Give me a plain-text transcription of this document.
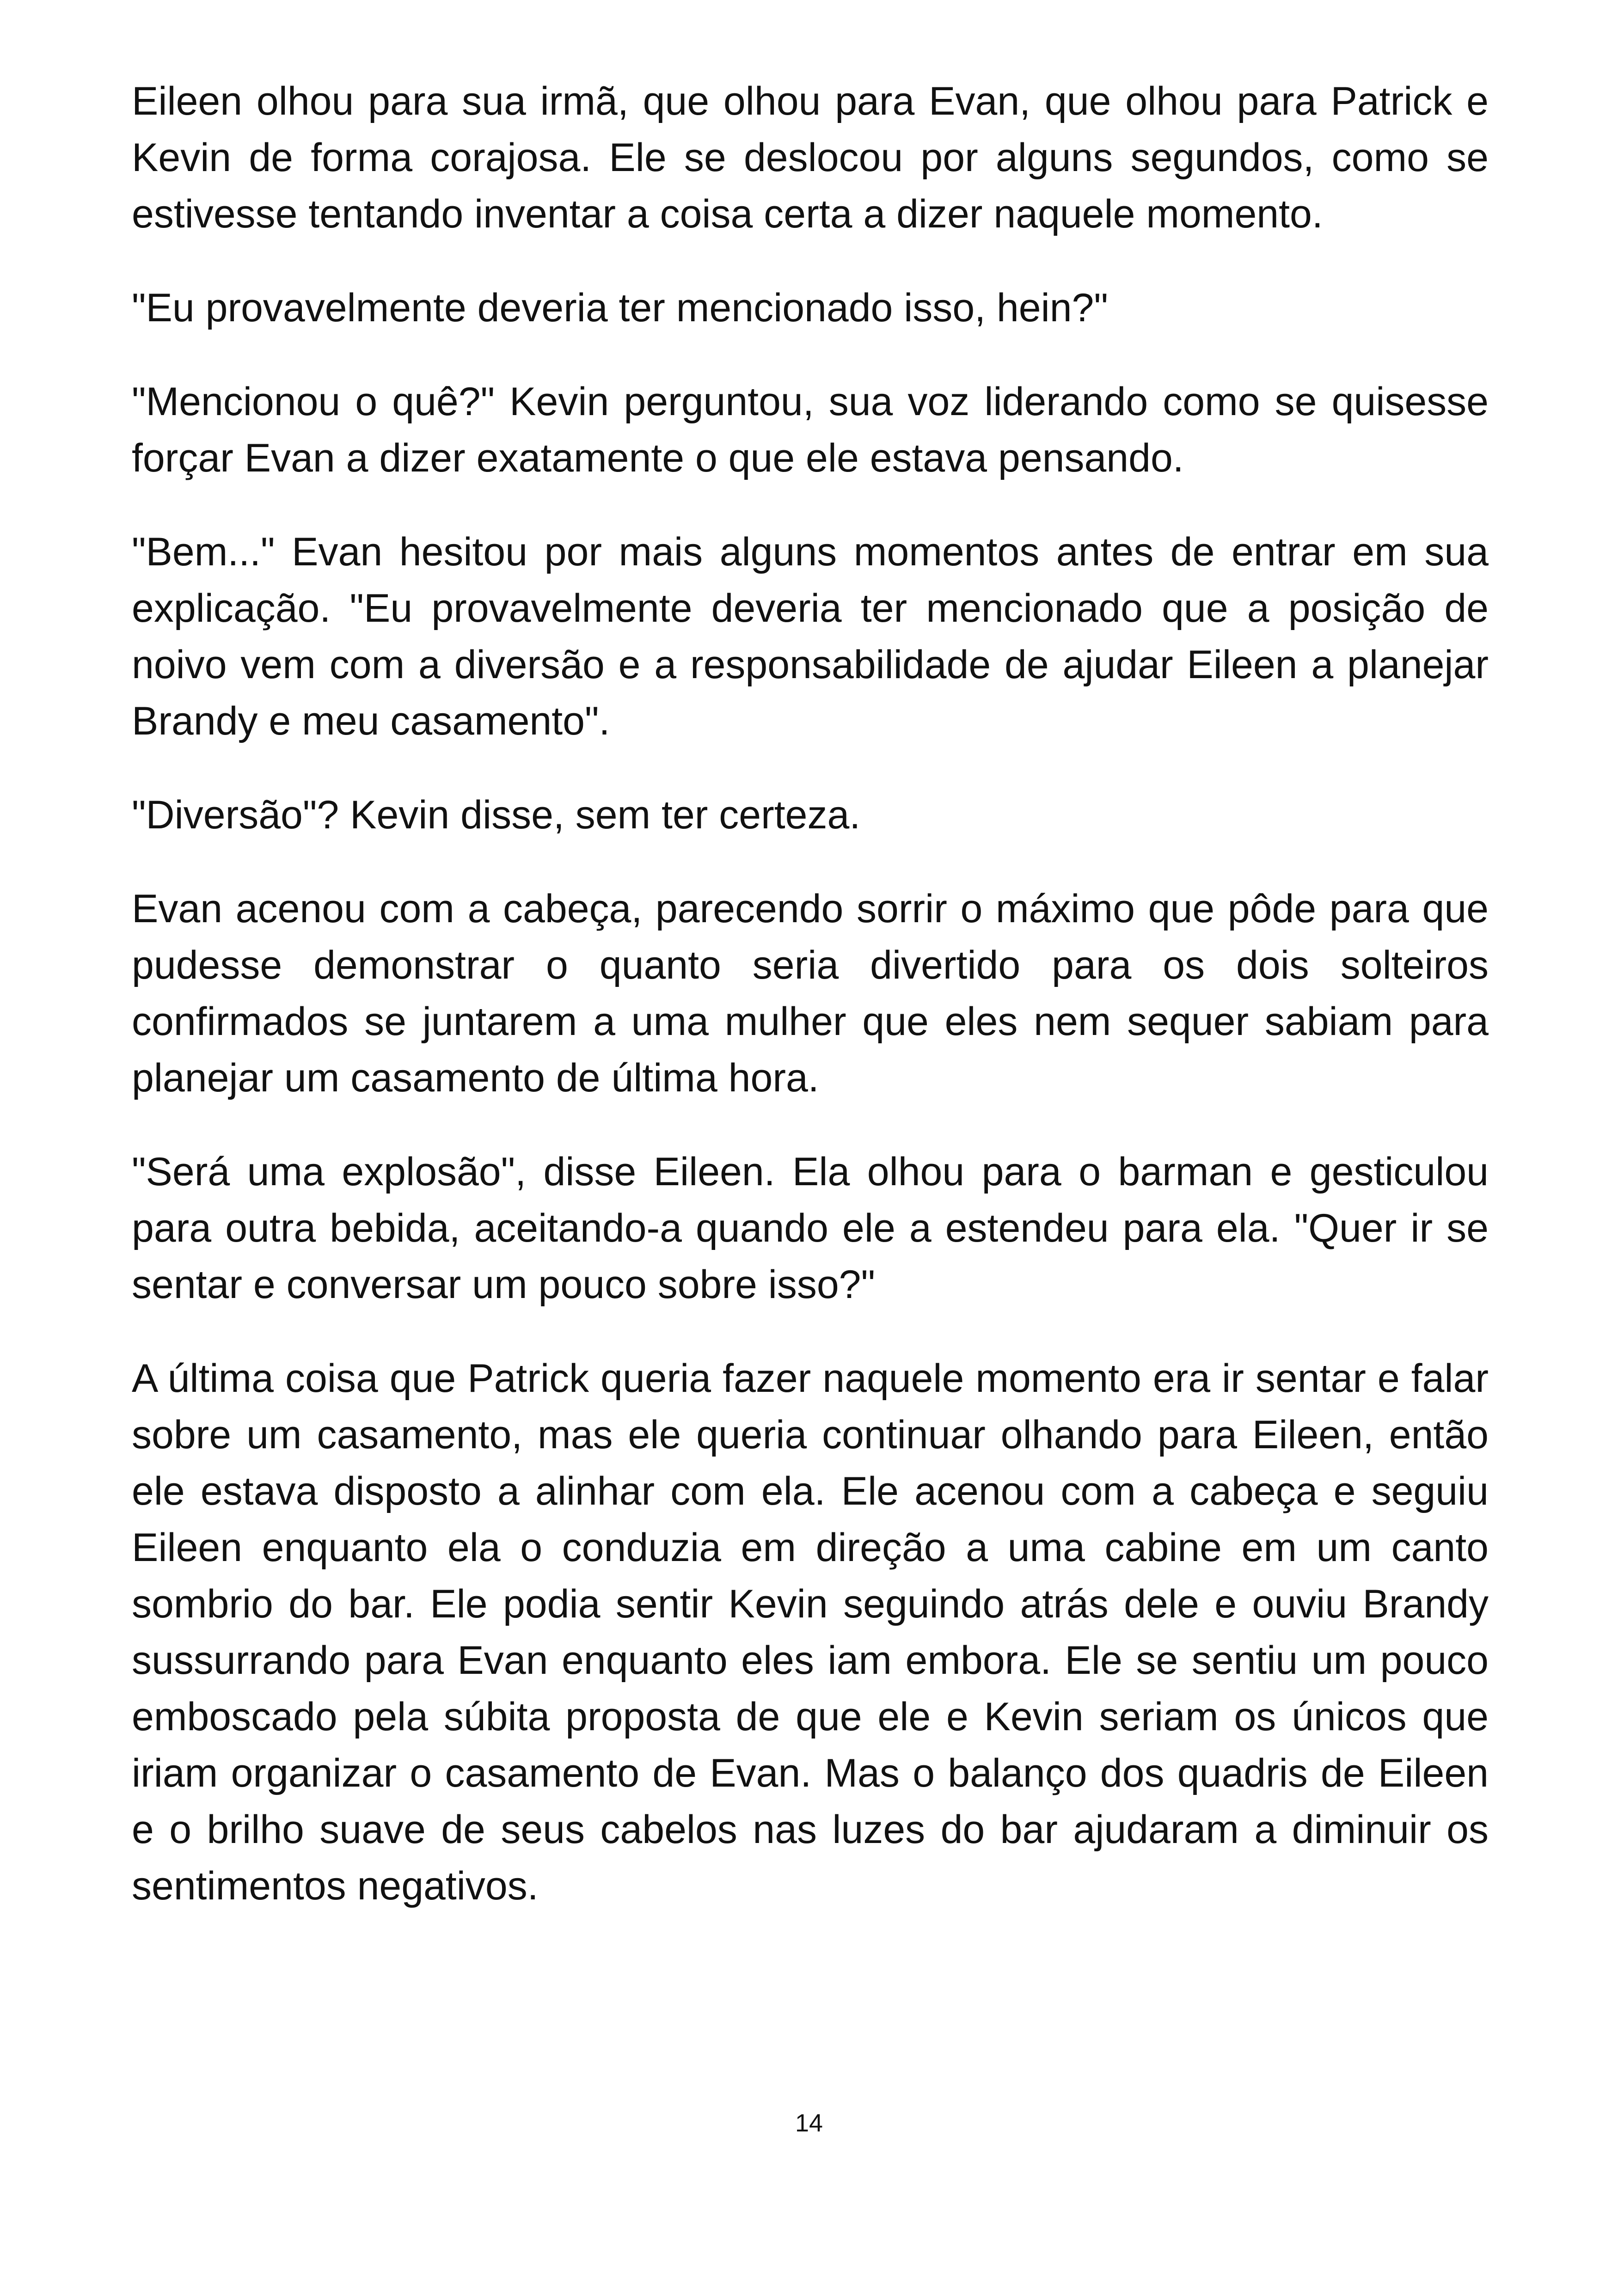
Eileen olhou para sua irmã, que olhou para Evan, que olhou para Patrick e Kevin de forma corajosa. Ele se deslocou por alguns segundos, como se estivesse tentando inventar a coisa certa a dizer naquele momento.

"Eu provavelmente deveria ter mencionado isso, hein?"

"Mencionou o quê?" Kevin perguntou, sua voz liderando como se quisesse forçar Evan a dizer exatamente o que ele estava pensando.

"Bem..." Evan hesitou por mais alguns momentos antes de entrar em sua explicação. "Eu provavelmente deveria ter mencionado que a posição de noivo vem com a diversão e a responsabilidade de ajudar Eileen a planejar Brandy e meu casamento".

"Diversão"? Kevin disse, sem ter certeza.

Evan acenou com a cabeça, parecendo sorrir o máximo que pôde para que pudesse demonstrar o quanto seria divertido para os dois solteiros confirmados se juntarem a uma mulher que eles nem sequer sabiam para planejar um casamento de última hora.

"Será uma explosão", disse Eileen. Ela olhou para o barman e gesticulou para outra bebida, aceitando-a quando ele a estendeu para ela. "Quer ir se sentar e conversar um pouco sobre isso?"

A última coisa que Patrick queria fazer naquele momento era ir sentar e falar sobre um casamento, mas ele queria continuar olhando para Eileen, então ele estava disposto a alinhar com ela. Ele acenou com a cabeça e seguiu Eileen enquanto ela o conduzia em direção a uma cabine em um canto sombrio do bar. Ele podia sentir Kevin seguindo atrás dele e ouviu Brandy sussurrando para Evan enquanto eles iam embora. Ele se sentiu um pouco emboscado pela súbita proposta de que ele e Kevin seriam os únicos que iriam organizar o casamento de Evan. Mas o balanço dos quadris de Eileen e o brilho suave de seus cabelos nas luzes do bar ajudaram a diminuir os sentimentos negativos.

14
